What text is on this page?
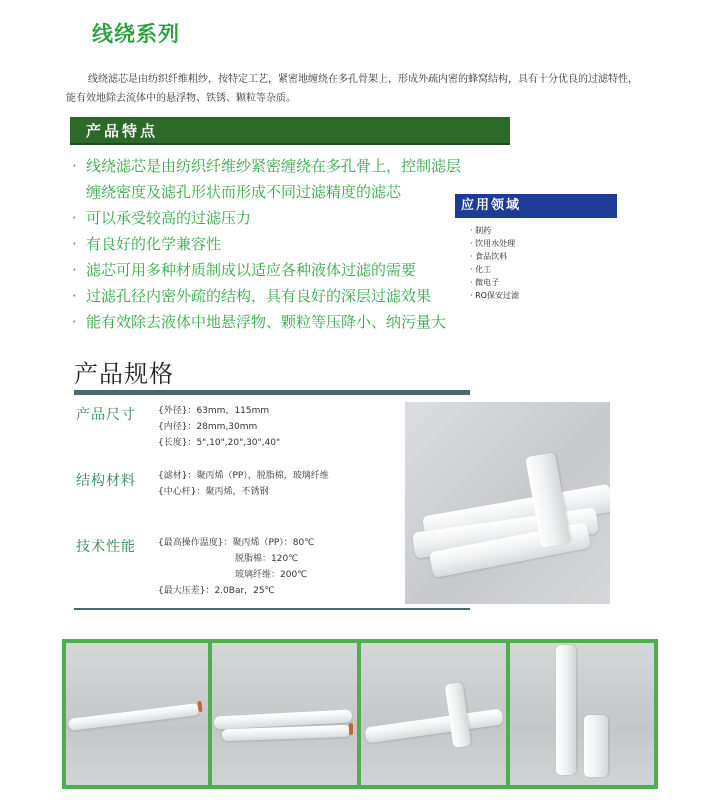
线绕系列
线绕滤芯是由纺织纤维粗纱，按特定工艺，紧密地缠绕在多孔骨架上，形成外疏内密的蜂窝结构，具有十分优良的过滤特性，能有效地除去流体中的悬浮物、铁锈、颗粒等杂质。
产品特点
· 线绕滤芯是由纺织纤维纱紧密缠绕在多孔骨上，控制滤层
缠绕密度及滤孔形状而形成不同过滤精度的滤芯
· 可以承受较高的过滤压力
· 有良好的化学兼容性
· 滤芯可用多种材质制成以适应各种液体过滤的需要
· 过滤孔径内密外疏的结构，具有良好的深层过滤效果
· 能有效除去液体中地悬浮物、颗粒等压降小、纳污量大
应用领域
· 制药
· 饮用水处理
· 食品饮料
· 化工
· 微电子
· RO保安过滤
产品规格
产品尺寸 {外径}：63mm，115mm
{内径}：28mm,30mm
{长度}：5",10",20",30",40"
结构材料 {滤材}：聚丙烯（PP），脱脂棉，玻璃纤维
{中心杆}：聚丙烯，不锈钢
技术性能 {最高操作温度}：聚丙烯（PP）：80℃
脱脂棉：120℃
玻璃纤维：200℃
{最大压差}：2.0Bar，25℃
